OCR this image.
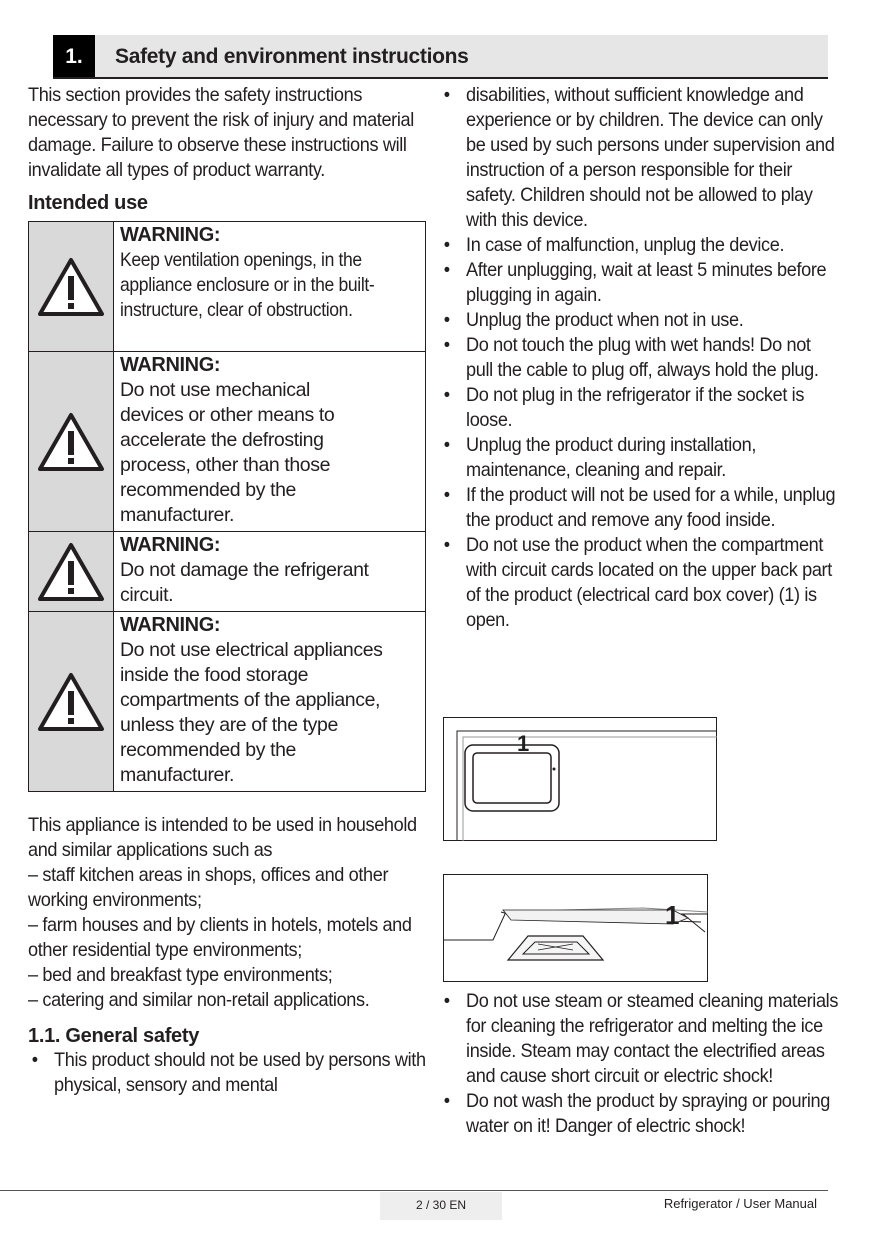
1.	Safety and environment instructions

This section provides the safety instructions necessary to prevent the risk of injury and material damage. Failure to observe these instructions will invalidate all types of product warranty.

Intended use

WARNING:
Keep ventilation openings, in the appliance enclosure or in the built-instructure, clear of obstruction.

WARNING:
Do not use mechanical devices or other means to accelerate the defrosting process, other than those recommended by the manufacturer.

WARNING:
Do not damage the refrigerant circuit.

WARNING:
Do not use electrical appliances inside the food storage compartments of the appliance, unless they are of the type recommended by the manufacturer.

This appliance is intended to be used in household and similar applications such as

– staff kitchen areas in shops, offices and other working environments;

– farm houses and by clients in hotels, motels and other residential type environments;

– bed and breakfast type environments;

– catering and similar non-retail applications.

1.1. General safety
• This product should not be used by persons with physical, sensory and mental
• disabilities, without sufficient knowledge and experience or by children. The device can only be used by such persons under supervision and instruction of a person responsible for their safety. Children should not be allowed to play with this device.
• In case of malfunction, unplug the device.
• After unplugging, wait at least 5 minutes before plugging in again.
• Unplug the product when not in use.
• Do not touch the plug with wet hands! Do not pull the cable to plug off, always hold the plug.
• Do not plug in the refrigerator if the socket is loose.
• Unplug the product during installation, maintenance, cleaning and repair.
• If the product will not be used for a while, unplug the product and remove any food inside.
• Do not use the product when the compartment with circuit cards located on the upper back part of the product (electrical card box cover) (1) is open.
1
1
• Do not use steam or steamed cleaning materials for cleaning the refrigerator and melting the ice inside. Steam may contact the electrified areas and cause short circuit or electric shock!
• Do not wash the product by spraying or pouring water on it! Danger of electric shock!
2 / 30 EN	Refrigerator / User Manual
